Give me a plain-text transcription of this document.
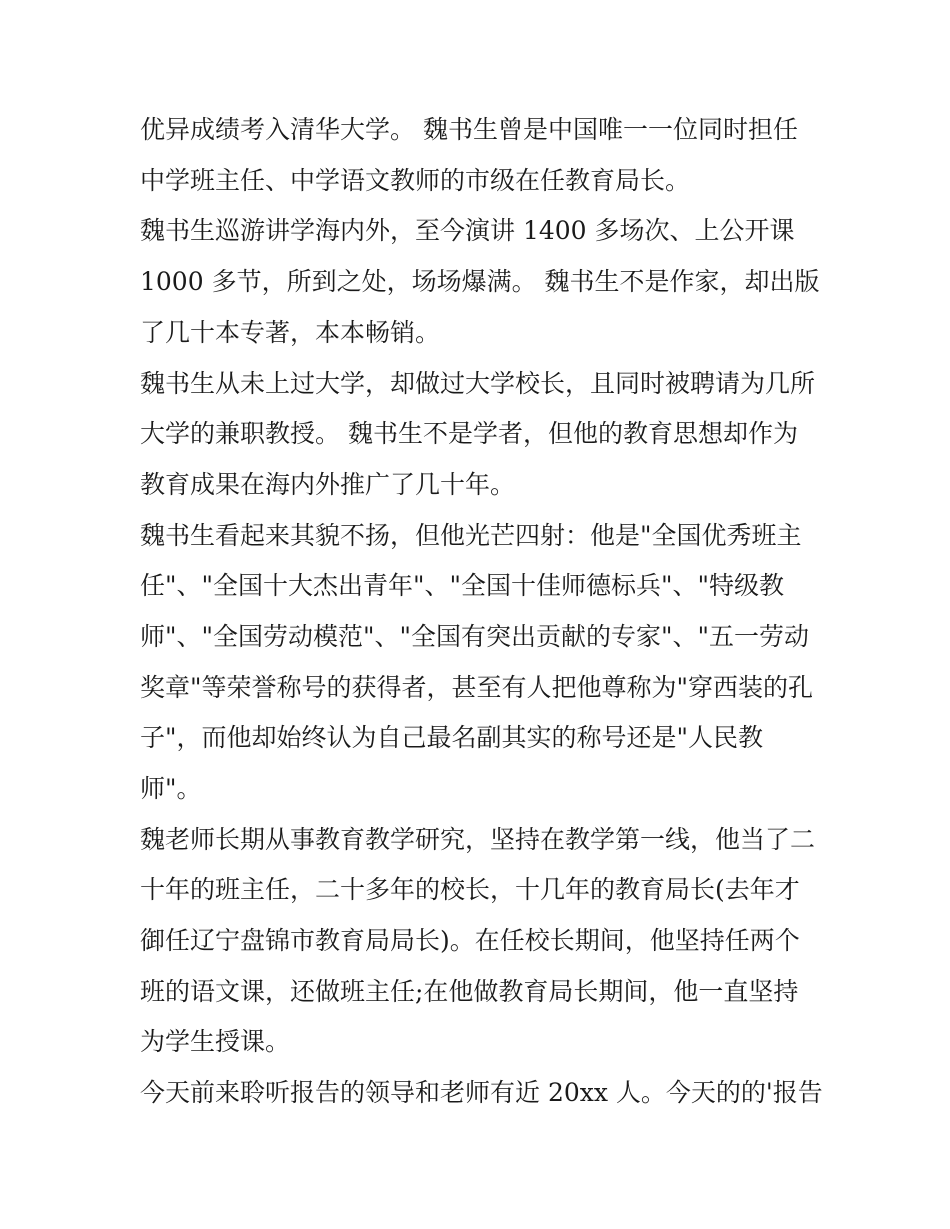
优异成绩考入清华大学。 魏书生曾是中国唯一一位同时担任
中学班主任、中学语文教师的市级在任教育局长。
魏书生巡游讲学海内外，至今演讲 1400 多场次、上公开课
1000 多节，所到之处，场场爆满。 魏书生不是作家，却出版
了几十本专著，本本畅销。
魏书生从未上过大学，却做过大学校长，且同时被聘请为几所
大学的兼职教授。 魏书生不是学者，但他的教育思想却作为
教育成果在海内外推广了几十年。
魏书生看起来其貌不扬，但他光芒四射：他是"全国优秀班主
任"、"全国十大杰出青年"、"全国十佳师德标兵"、"特级教
师"、"全国劳动模范"、"全国有突出贡献的专家"、"五一劳动
奖章"等荣誉称号的获得者，甚至有人把他尊称为"穿西装的孔
子"，而他却始终认为自己最名副其实的称号还是"人民教
师"。
魏老师长期从事教育教学研究，坚持在教学第一线，他当了二
十年的班主任，二十多年的校长，十几年的教育局长(去年才
御任辽宁盘锦市教育局局长)。在任校长期间，他坚持任两个
班的语文课，还做班主任;在他做教育局长期间，他一直坚持
为学生授课。
今天前来聆听报告的领导和老师有近 20xx 人。今天的的'报告
